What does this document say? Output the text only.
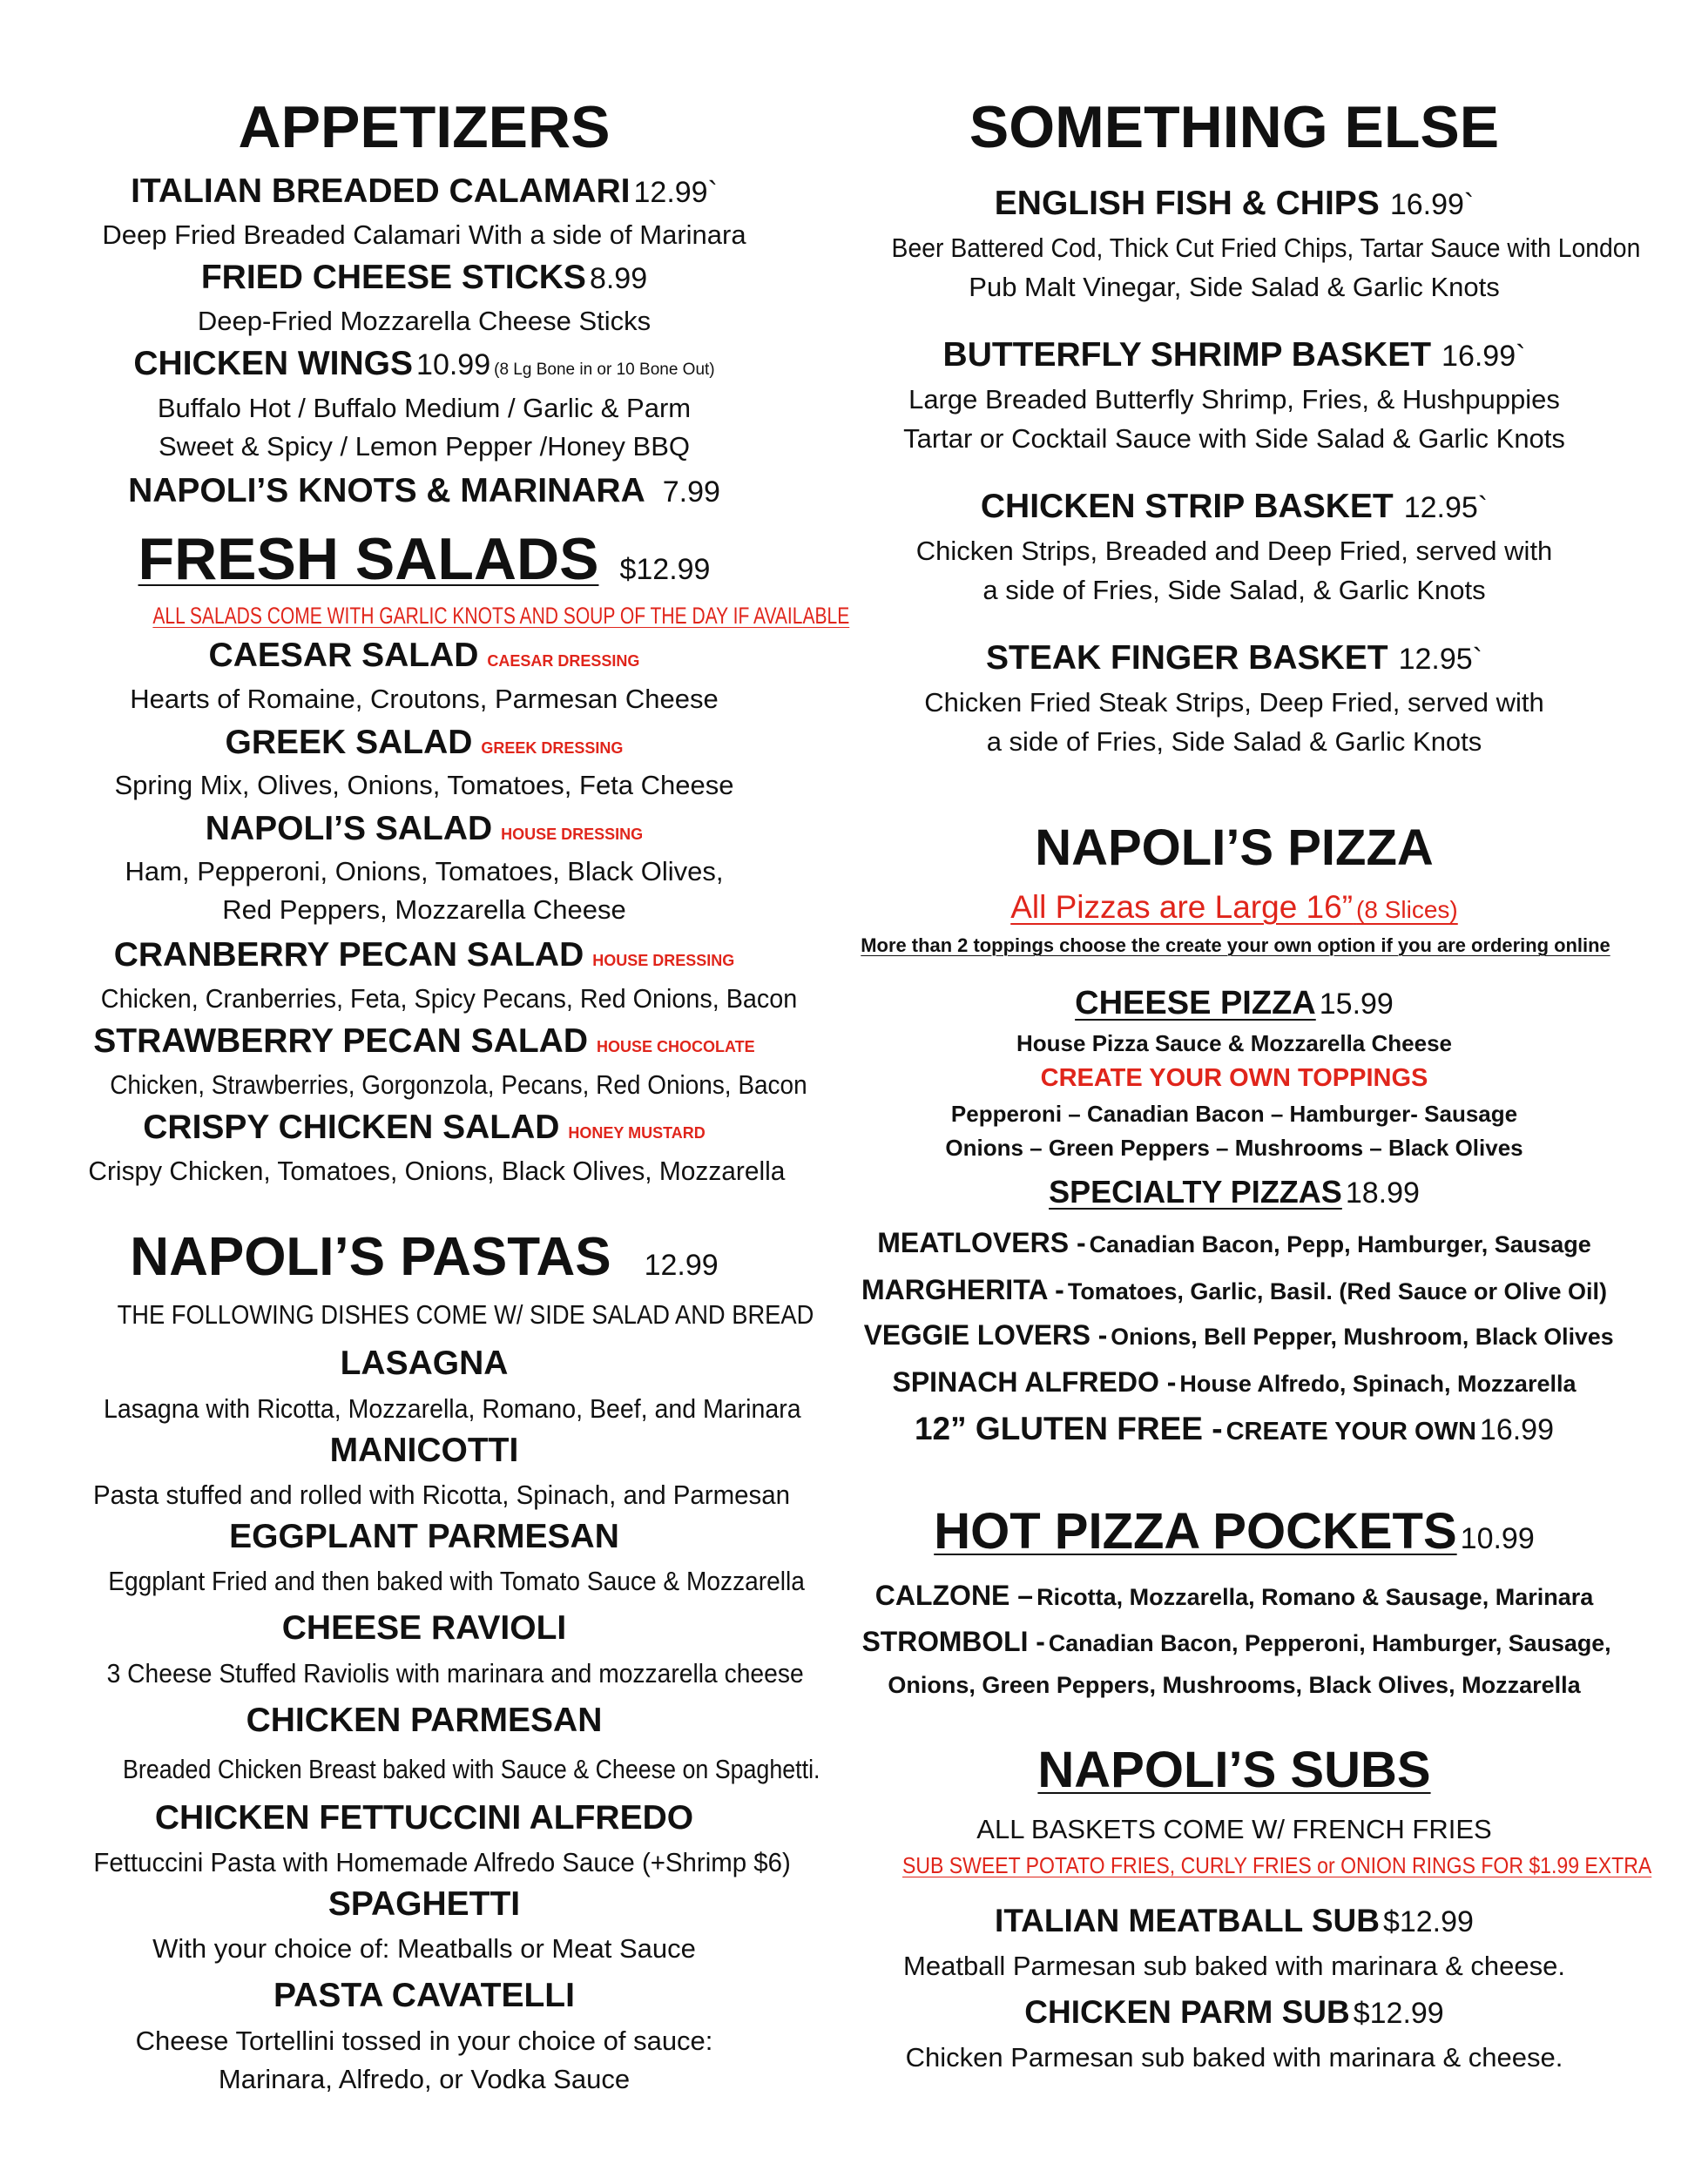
APPETIZERS
ITALIAN BREADED CALAMARI 12.99`
Deep Fried Breaded Calamari With a side of Marinara
FRIED CHEESE STICKS 8.99
Deep-Fried Mozzarella Cheese Sticks
CHICKEN WINGS 10.99 (8 Lg Bone in or 10 Bone Out)
Buffalo Hot / Buffalo Medium / Garlic & Parm
Sweet & Spicy / Lemon Pepper /Honey BBQ
NAPOLI’S KNOTS & MARINARA 7.99
FRESH SALADS $12.99
ALL SALADS COME WITH GARLIC KNOTS AND SOUP OF THE DAY IF AVAILABLE
CAESAR SALAD CAESAR DRESSING
Hearts of Romaine, Croutons, Parmesan Cheese
GREEK SALAD GREEK DRESSING
Spring Mix, Olives, Onions, Tomatoes, Feta Cheese
NAPOLI’S SALAD HOUSE DRESSING
Ham, Pepperoni, Onions, Tomatoes, Black Olives,
Red Peppers, Mozzarella Cheese
CRANBERRY PECAN SALAD HOUSE DRESSING
Chicken, Cranberries, Feta, Spicy Pecans, Red Onions, Bacon
STRAWBERRY PECAN SALAD HOUSE CHOCOLATE
Chicken, Strawberries, Gorgonzola, Pecans, Red Onions, Bacon
CRISPY CHICKEN SALAD HONEY MUSTARD
Crispy Chicken, Tomatoes, Onions, Black Olives, Mozzarella
NAPOLI’S PASTAS 12.99
THE FOLLOWING DISHES COME W/ SIDE SALAD AND BREAD
LASAGNA
Lasagna with Ricotta, Mozzarella, Romano, Beef, and Marinara
MANICOTTI
Pasta stuffed and rolled with Ricotta, Spinach, and Parmesan
EGGPLANT PARMESAN
Eggplant Fried and then baked with Tomato Sauce & Mozzarella
CHEESE RAVIOLI
3 Cheese Stuffed Raviolis with marinara and mozzarella cheese
CHICKEN PARMESAN
Breaded Chicken Breast baked with Sauce & Cheese on Spaghetti.
CHICKEN FETTUCCINI ALFREDO
Fettuccini Pasta with Homemade Alfredo Sauce (+Shrimp $6)
SPAGHETTI
With your choice of: Meatballs or Meat Sauce
PASTA CAVATELLI
Cheese Tortellini tossed in your choice of sauce:
Marinara, Alfredo, or Vodka Sauce
SOMETHING ELSE
ENGLISH FISH & CHIPS 16.99`
Beer Battered Cod, Thick Cut Fried Chips, Tartar Sauce with London
Pub Malt Vinegar, Side Salad & Garlic Knots
BUTTERFLY SHRIMP BASKET 16.99`
Large Breaded Butterfly Shrimp, Fries, & Hushpuppies
Tartar or Cocktail Sauce with Side Salad & Garlic Knots
CHICKEN STRIP BASKET 12.95`
Chicken Strips, Breaded and Deep Fried, served with
a side of Fries, Side Salad, & Garlic Knots
STEAK FINGER BASKET 12.95`
Chicken Fried Steak Strips, Deep Fried, served with
a side of Fries, Side Salad & Garlic Knots
NAPOLI’S PIZZA
All Pizzas are Large 16” (8 Slices)
More than 2 toppings choose the create your own option if you are ordering online
CHEESE PIZZA 15.99
House Pizza Sauce & Mozzarella Cheese
CREATE YOUR OWN TOPPINGS
Pepperoni – Canadian Bacon – Hamburger- Sausage
Onions – Green Peppers – Mushrooms – Black Olives
SPECIALTY PIZZAS 18.99
MEATLOVERS - Canadian Bacon, Pepp, Hamburger, Sausage
MARGHERITA - Tomatoes, Garlic, Basil. (Red Sauce or Olive Oil)
VEGGIE LOVERS - Onions, Bell Pepper, Mushroom, Black Olives
SPINACH ALFREDO - House Alfredo, Spinach, Mozzarella
12” GLUTEN FREE - CREATE YOUR OWN 16.99
HOT PIZZA POCKETS 10.99
CALZONE – Ricotta, Mozzarella, Romano & Sausage, Marinara
STROMBOLI - Canadian Bacon, Pepperoni, Hamburger, Sausage,
Onions, Green Peppers, Mushrooms, Black Olives, Mozzarella
NAPOLI’S SUBS
ALL BASKETS COME W/ FRENCH FRIES
SUB SWEET POTATO FRIES, CURLY FRIES or ONION RINGS FOR $1.99 EXTRA
ITALIAN MEATBALL SUB $12.99
Meatball Parmesan sub baked with marinara & cheese.
CHICKEN PARM SUB $12.99
Chicken Parmesan sub baked with marinara & cheese.
